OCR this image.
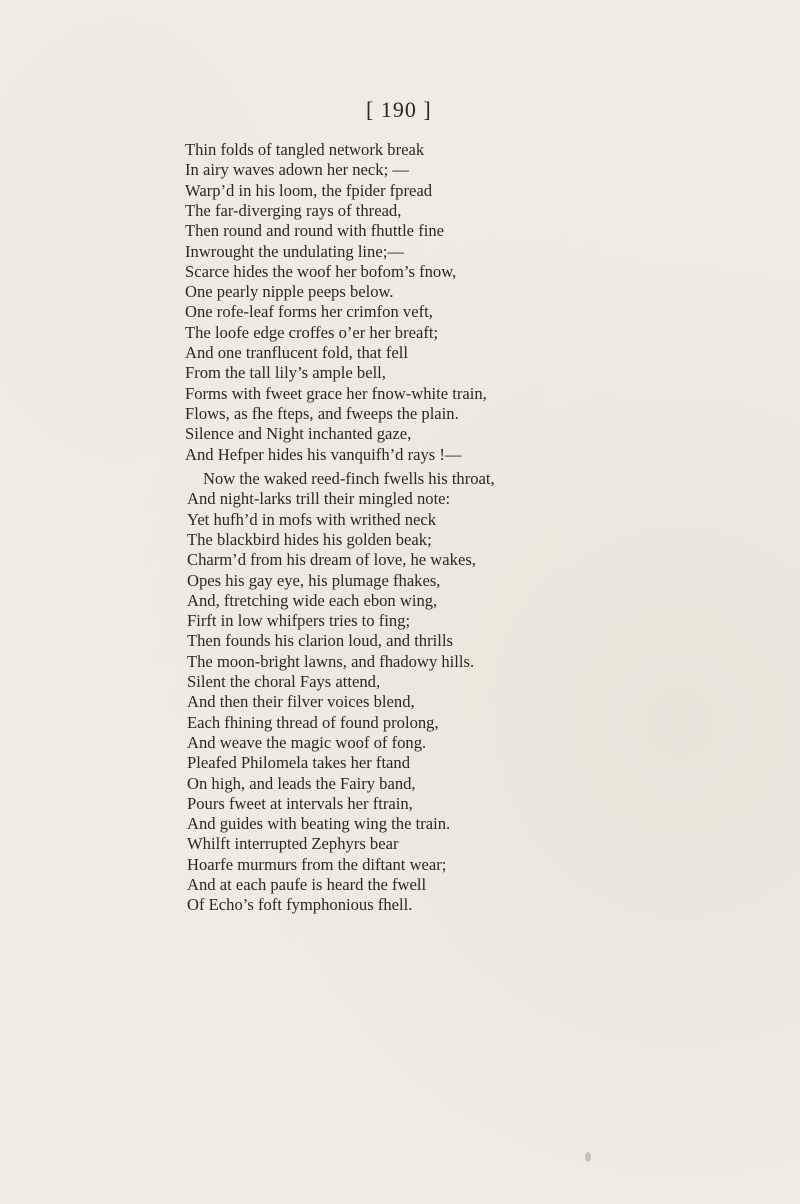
[ 190 ]
Thin folds of tangled network break
In airy waves adown her neck; —
Warp’d in his loom, the fpider fpread
The far-diverging rays of thread,
Then round and round with fhuttle fine
Inwrought the undulating line;—
Scarce hides the woof her bofom’s fnow,
One pearly nipple peeps below.
One rofe-leaf forms her crimfon veft,
The loofe edge croffes o’er her breaft;
And one tranflucent fold, that fell
From the tall lily’s ample bell,
Forms with fweet grace her fnow-white train,
Flows, as fhe fteps, and fweeps the plain.
Silence and Night inchanted gaze,
And Hefper hides his vanquifh’d rays !—
Now the waked reed-finch fwells his throat,
And night-larks trill their mingled note:
Yet hufh’d in mofs with writhed neck
The blackbird hides his golden beak;
Charm’d from his dream of love, he wakes,
Opes his gay eye, his plumage fhakes,
And, ftretching wide each ebon wing,
Firft in low whifpers tries to fing;
Then founds his clarion loud, and thrills
The moon-bright lawns, and fhadowy hills.
Silent the choral Fays attend,
And then their filver voices blend,
Each fhining thread of found prolong,
And weave the magic woof of fong.
Pleafed Philomela takes her ftand
On high, and leads the Fairy band,
Pours fweet at intervals her ftrain,
And guides with beating wing the train.
Whilft interrupted Zephyrs bear
Hoarfe murmurs from the diftant wear;
And at each paufe is heard the fwell
Of Echo’s foft fymphonious fhell.
